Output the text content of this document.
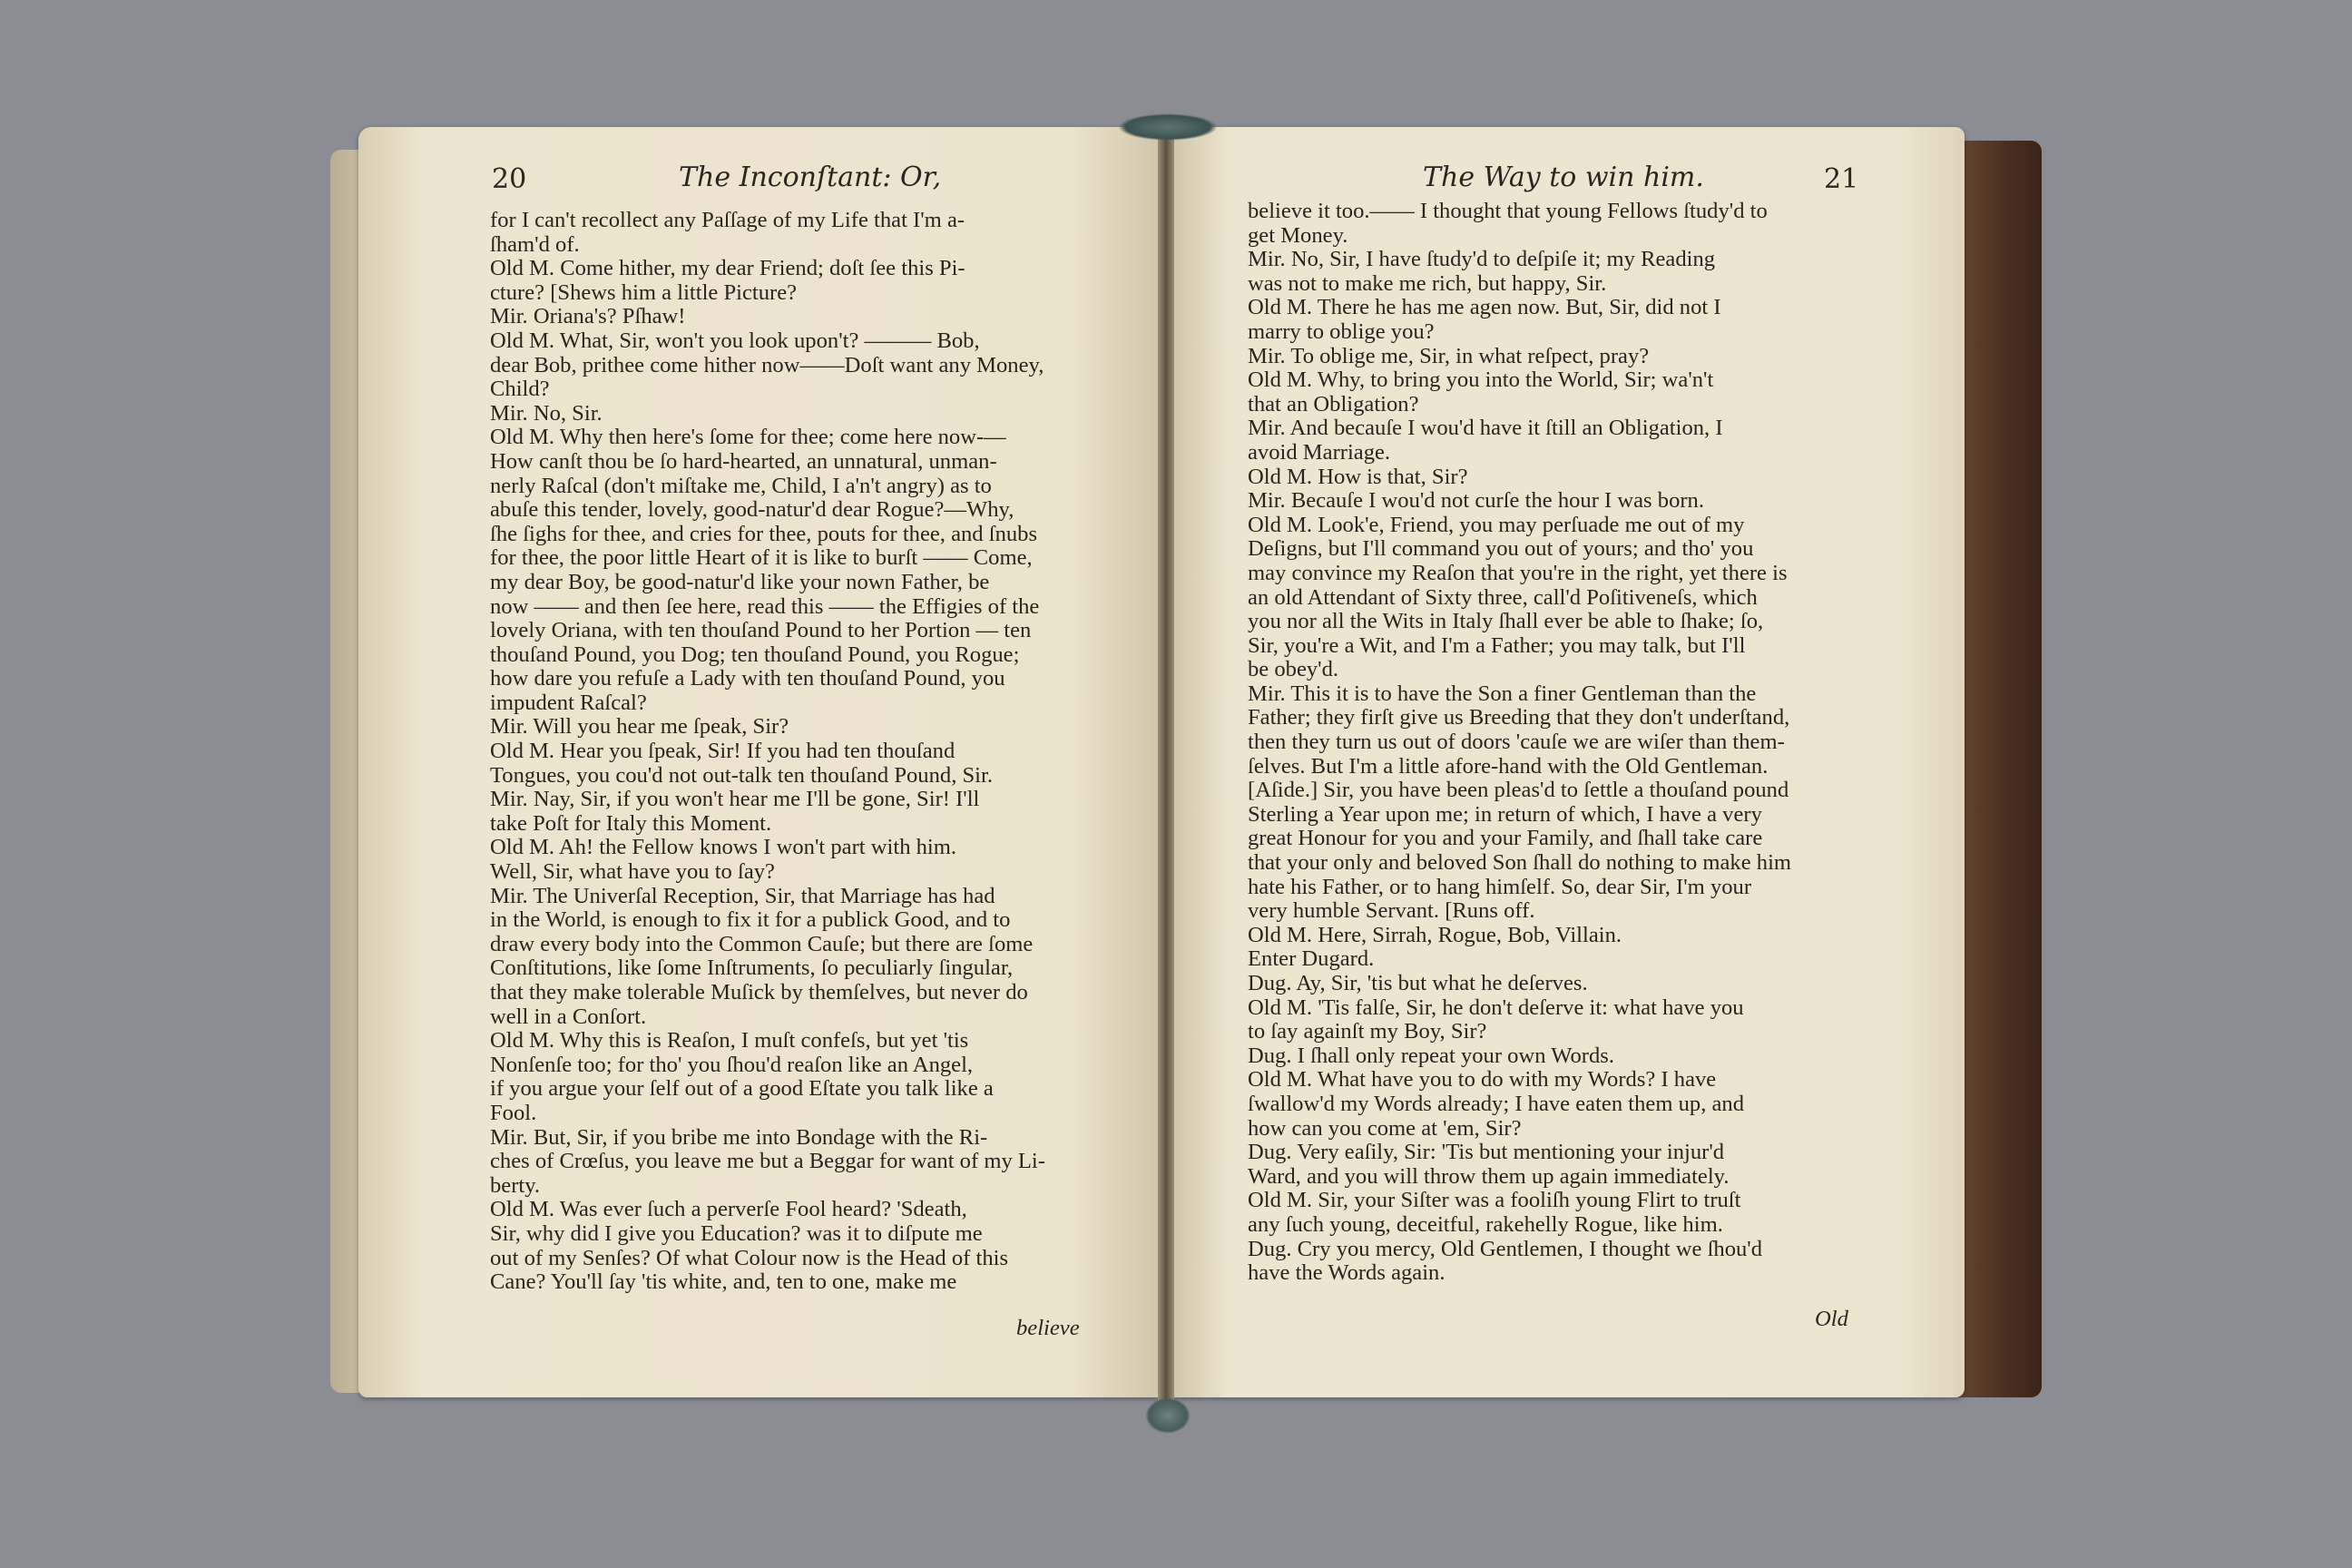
20	The Inconſtant: Or,	The Way to win him.	21
for I can't recollect any Paſſage of my Life that I'm a-
ſham'd of.
Old M. Come hither, my dear Friend; doſt ſee this Pi-
cture? [Shews him a little Picture?
Mir. Oriana's? Pſhaw!
Old M. What, Sir, won't you look upon't? ——— Bob,
dear Bob, prithee come hither now——Doſt want any Money,
Child?
Mir. No, Sir.
Old M. Why then here's ſome for thee; come here now-—
How canſt thou be ſo hard-hearted, an unnatural, unman-
nerly Raſcal (don't miſtake me, Child, I a'n't angry) as to
abuſe this tender, lovely, good-natur'd dear Rogue?—Why,
ſhe ſighs for thee, and cries for thee, pouts for thee, and ſnubs
for thee, the poor little Heart of it is like to burſt —— Come,
my dear Boy, be good-natur'd like your nown Father, be
now —— and then ſee here, read this —— the Effigies of the
lovely Oriana, with ten thouſand Pound to her Portion — ten
thouſand Pound, you Dog; ten thouſand Pound, you Rogue;
how dare you refuſe a Lady with ten thouſand Pound, you
impudent Raſcal?
Mir. Will you hear me ſpeak, Sir?
Old M. Hear you ſpeak, Sir! If you had ten thouſand
Tongues, you cou'd not out-talk ten thouſand Pound, Sir.
Mir. Nay, Sir, if you won't hear me I'll be gone, Sir! I'll
take Poſt for Italy this Moment.
Old M. Ah! the Fellow knows I won't part with him.
Well, Sir, what have you to ſay?
Mir. The Univerſal Reception, Sir, that Marriage has had
in the World, is enough to fix it for a publick Good, and to
draw every body into the Common Cauſe; but there are ſome
Conſtitutions, like ſome Inſtruments, ſo peculiarly ſingular,
that they make tolerable Muſick by themſelves, but never do
well in a Conſort.
Old M. Why this is Reaſon, I muſt confeſs, but yet 'tis
Nonſenſe too; for tho' you ſhou'd reaſon like an Angel,
if you argue your ſelf out of a good Eſtate you talk like a
Fool.
Mir. But, Sir, if you bribe me into Bondage with the Ri-
ches of Crœſus, you leave me but a Beggar for want of my Li-
berty.
Old M. Was ever ſuch a perverſe Fool heard? 'Sdeath,
Sir, why did I give you Education? was it to diſpute me
out of my Senſes? Of what Colour now is the Head of this
Cane? You'll ſay 'tis white, and, ten to one, make me
believe
believe it too.—— I thought that young Fellows ſtudy'd to
get Money.
Mir. No, Sir, I have ſtudy'd to deſpiſe it; my Reading
was not to make me rich, but happy, Sir.
Old M. There he has me agen now. But, Sir, did not I
marry to oblige you?
Mir. To oblige me, Sir, in what reſpect, pray?
Old M. Why, to bring you into the World, Sir; wa'n't
that an Obligation?
Mir. And becauſe I wou'd have it ſtill an Obligation, I
avoid Marriage.
Old M. How is that, Sir?
Mir. Becauſe I wou'd not curſe the hour I was born.
Old M. Look'e, Friend, you may perſuade me out of my
Deſigns, but I'll command you out of yours; and tho' you
may convince my Reaſon that you're in the right, yet there is
an old Attendant of Sixty three, call'd Poſitiveneſs, which
you nor all the Wits in Italy ſhall ever be able to ſhake; ſo,
Sir, you're a Wit, and I'm a Father; you may talk, but I'll
be obey'd.
Mir. This it is to have the Son a finer Gentleman than the
Father; they firſt give us Breeding that they don't underſtand,
then they turn us out of doors 'cauſe we are wiſer than them-
ſelves. But I'm a little afore-hand with the Old Gentleman.
[Aſide.] Sir, you have been pleas'd to ſettle a thouſand pound
Sterling a Year upon me; in return of which, I have a very
great Honour for you and your Family, and ſhall take care
that your only and beloved Son ſhall do nothing to make him
hate his Father, or to hang himſelf. So, dear Sir, I'm your
very humble Servant. [Runs off.
Old M. Here, Sirrah, Rogue, Bob, Villain.
Enter Dugard.
Dug. Ay, Sir, 'tis but what he deſerves.
Old M. 'Tis falſe, Sir, he don't deſerve it: what have you
to ſay againſt my Boy, Sir?
Dug. I ſhall only repeat your own Words.
Old M. What have you to do with my Words? I have
ſwallow'd my Words already; I have eaten them up, and
how can you come at 'em, Sir?
Dug. Very eaſily, Sir: 'Tis but mentioning your injur'd
Ward, and you will throw them up again immediately.
Old M. Sir, your Siſter was a fooliſh young Flirt to truſt
any ſuch young, deceitful, rakehelly Rogue, like him.
Dug. Cry you mercy, Old Gentlemen, I thought we ſhou'd
have the Words again.
Old
